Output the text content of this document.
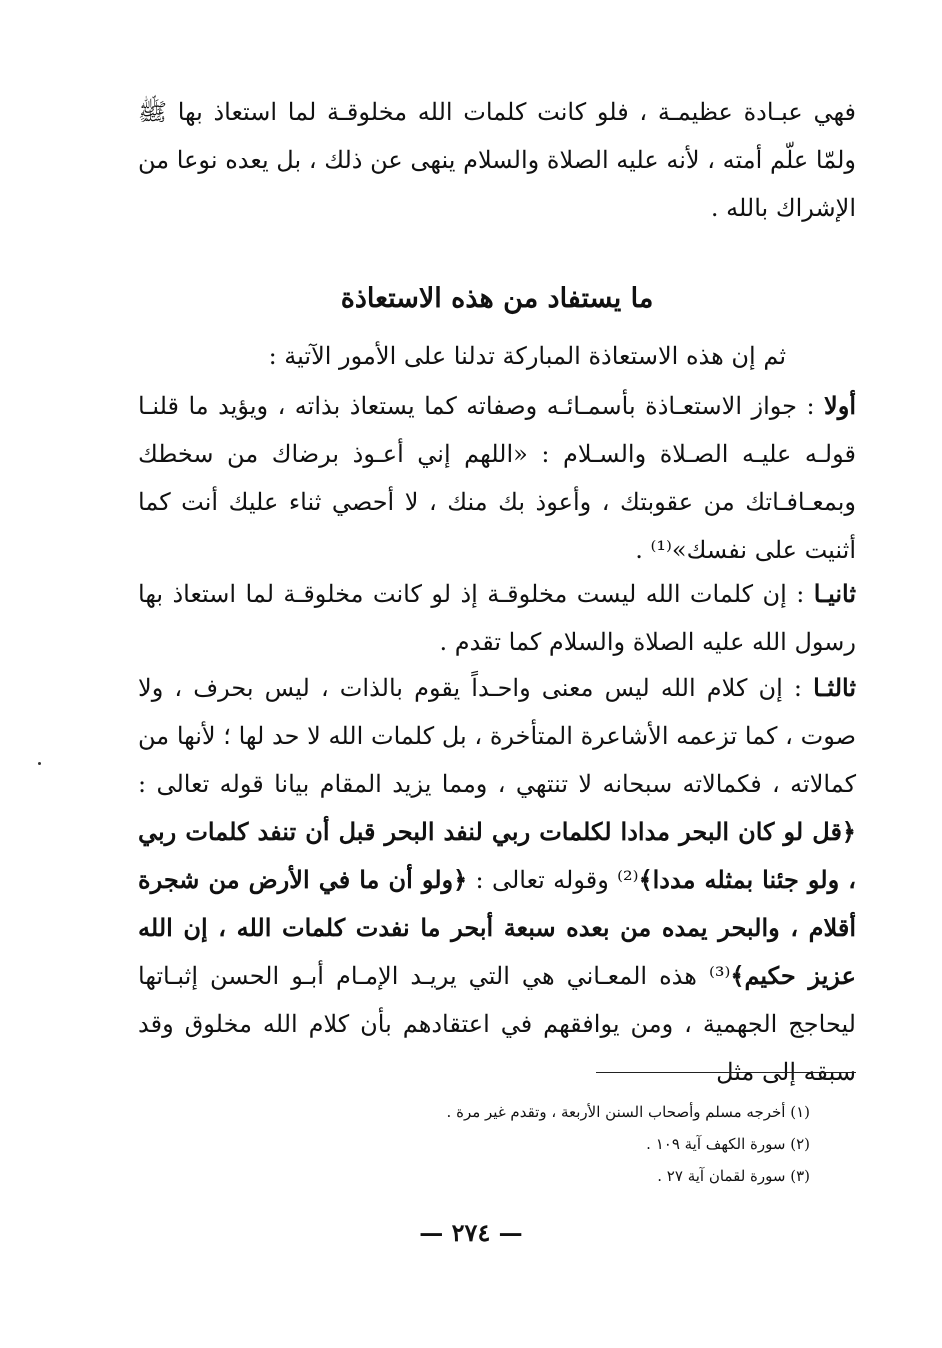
فهي عبـادة عظيمـة ، فلو كانت كلمات الله مخلوقـة لما استعاذ بها ﷺ ولمّا علّم أمته ، لأنه عليه الصلاة والسلام ينهى عن ذلك ، بل يعده نوعا من الإشراك بالله .
ما يستفاد من هذه الاستعاذة
ثم إن هذه الاستعاذة المباركة تدلنا على الأمور الآتية :
أولا : جواز الاستعـاذة بأسمـائـه وصفاته كما يستعاذ بذاته ، ويؤيد ما قلنـا قولـه عليـه الصـلاة والسـلام : «اللهم إني أعـوذ برضاك من سخطك وبمعـافـاتك من عقوبتك ، وأعوذ بك منك ، لا أحصي ثناء عليك أنت كما أثنيت على نفسك»⁽¹⁾ .
ثانيـا : إن كلمات الله ليست مخلوقـة إذ لو كانت مخلوقـة لما استعاذ بها رسول الله عليه الصلاة والسلام كما تقدم .
ثالثـا : إن كلام الله ليس معنى واحـداً يقوم بالذات ، ليس بحرف ، ولا صوت ، كما تزعمه الأشاعرة المتأخرة ، بل كلمات الله لا حد لها ؛ لأنها من كمالاته ، فكمالاته سبحانه لا تنتهي ، ومما يزيد المقام بيانا قوله تعالى : ﴿قل لو كان البحر مدادا لكلمات ربي لنفد البحر قبل أن تنفد كلمات ربي ، ولو جئنا بمثله مددا﴾⁽²⁾ وقوله تعالى : ﴿ولو أن ما في الأرض من شجرة أقلام ، والبحر يمده من بعده سبعة أبحر ما نفدت كلمات الله ، إن الله عزيز حكيم﴾⁽³⁾ هذه المعـاني هي التي يريـد الإمـام أبـو الحسن إثبـاتها ليحاجج الجهمية ، ومن يوافقهم في اعتقادهم بأن كلام الله مخلوق وقد سبقه إلى مثل
(١) أخرجه مسلم وأصحاب السنن الأربعة ، وتقدم غير مرة .
(٢) سورة الكهف آية ١٠٩ .
(٣) سورة لقمان آية ٢٧ .
— ٢٧٤ —
